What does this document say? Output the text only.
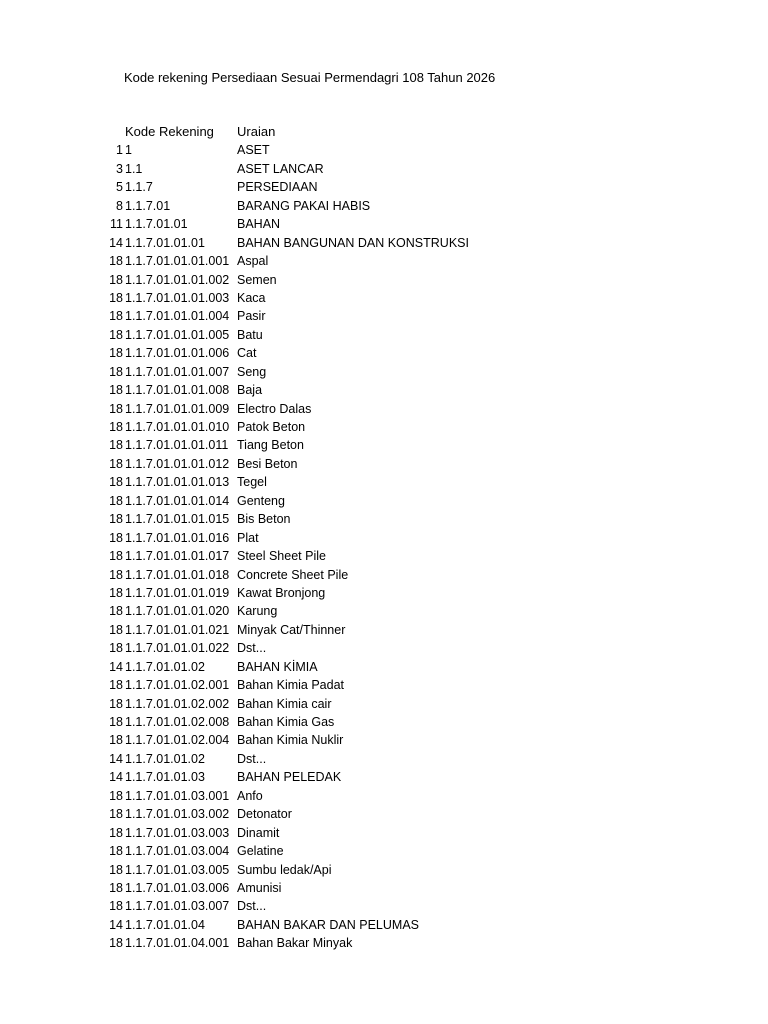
Kode rekening Persediaan Sesuai Permendagri 108 Tahun 2026
Kode Rekening Uraian
1 1	ASET
3 1.1	ASET LANCAR
5 1.1.7	PERSEDIAAN
8 1.1.7.01	BARANG PAKAI HABIS
11 1.1.7.01.01	BAHAN
14 1.1.7.01.01.01	BAHAN BANGUNAN DAN KONSTRUKSI
18 1.1.7.01.01.01.001 Aspal
18 1.1.7.01.01.01.002 Semen
18 1.1.7.01.01.01.003 Kaca
18 1.1.7.01.01.01.004 Pasir
18 1.1.7.01.01.01.005 Batu
18 1.1.7.01.01.01.006 Cat
18 1.1.7.01.01.01.007 Seng
18 1.1.7.01.01.01.008 Baja
18 1.1.7.01.01.01.009 Electro Dalas
18 1.1.7.01.01.01.010 Patok Beton
18 1.1.7.01.01.01.011 Tiang Beton
18 1.1.7.01.01.01.012 Besi Beton
18 1.1.7.01.01.01.013 Tegel
18 1.1.7.01.01.01.014 Genteng
18 1.1.7.01.01.01.015 Bis Beton
18 1.1.7.01.01.01.016 Plat
18 1.1.7.01.01.01.017 Steel Sheet Pile
18 1.1.7.01.01.01.018 Concrete Sheet Pile
18 1.1.7.01.01.01.019 Kawat Bronjong
18 1.1.7.01.01.01.020 Karung
18 1.1.7.01.01.01.021 Minyak Cat/Thinner
18 1.1.7.01.01.01.022 Dst...
14 1.1.7.01.01.02	BAHAN KİMIA
18 1.1.7.01.01.02.001 Bahan Kimia Padat
18 1.1.7.01.01.02.002 Bahan Kimia cair
18 1.1.7.01.01.02.008 Bahan Kimia Gas
18 1.1.7.01.01.02.004 Bahan Kimia Nuklir
14 1.1.7.01.01.02	Dst...
14 1.1.7.01.01.03	BAHAN PELEDAK
18 1.1.7.01.01.03.001 Anfo
18 1.1.7.01.01.03.002 Detonator
18 1.1.7.01.01.03.003 Dinamit
18 1.1.7.01.01.03.004 Gelatine
18 1.1.7.01.01.03.005 Sumbu ledak/Api
18 1.1.7.01.01.03.006 Amunisi
18 1.1.7.01.01.03.007 Dst...
14 1.1.7.01.01.04	BAHAN BAKAR DAN PELUMAS
18 1.1.7.01.01.04.001 Bahan Bakar Minyak
